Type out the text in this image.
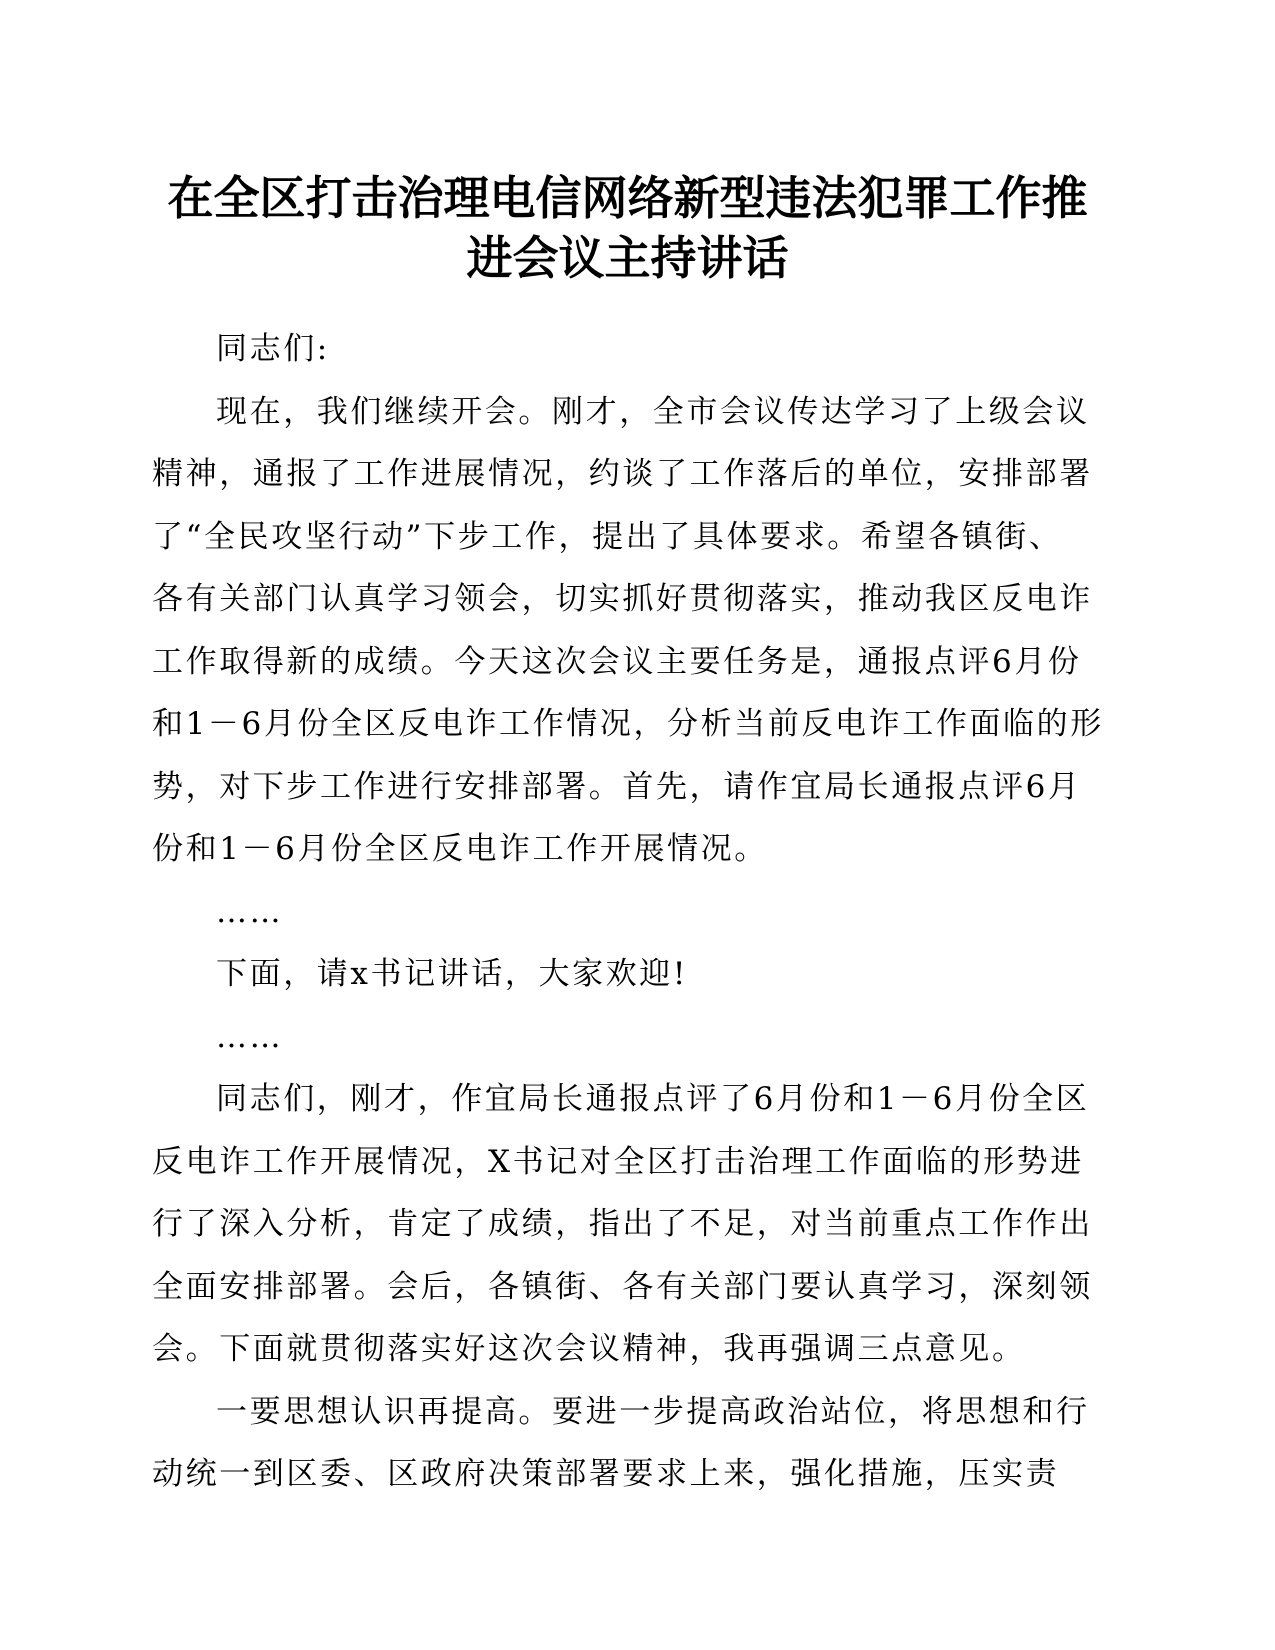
在全区打击治理电信网络新型违法犯罪工作推
进会议主持讲话
同志们:
现在，我们继续开会。刚才，全市会议传达学习了上级会议
精神，通报了工作进展情况，约谈了工作落后的单位，安排部署
了“全民攻坚行动”下步工作，提出了具体要求。希望各镇街、
各有关部门认真学习领会，切实抓好贯彻落实，推动我区反电诈
工作取得新的成绩。今天这次会议主要任务是，通报点评6月份
和1－6月份全区反电诈工作情况，分析当前反电诈工作面临的形
势，对下步工作进行安排部署。首先，请作宜局长通报点评6月
份和1－6月份全区反电诈工作开展情况。
……
下面，请x书记讲话，大家欢迎!
……
同志们，刚才，作宜局长通报点评了6月份和1－6月份全区
反电诈工作开展情况，X书记对全区打击治理工作面临的形势进
行了深入分析，肯定了成绩，指出了不足，对当前重点工作作出
全面安排部署。会后，各镇街、各有关部门要认真学习，深刻领
会。下面就贯彻落实好这次会议精神，我再强调三点意见。
一要思想认识再提高。要进一步提高政治站位，将思想和行
动统一到区委、区政府决策部署要求上来，强化措施，压实责
